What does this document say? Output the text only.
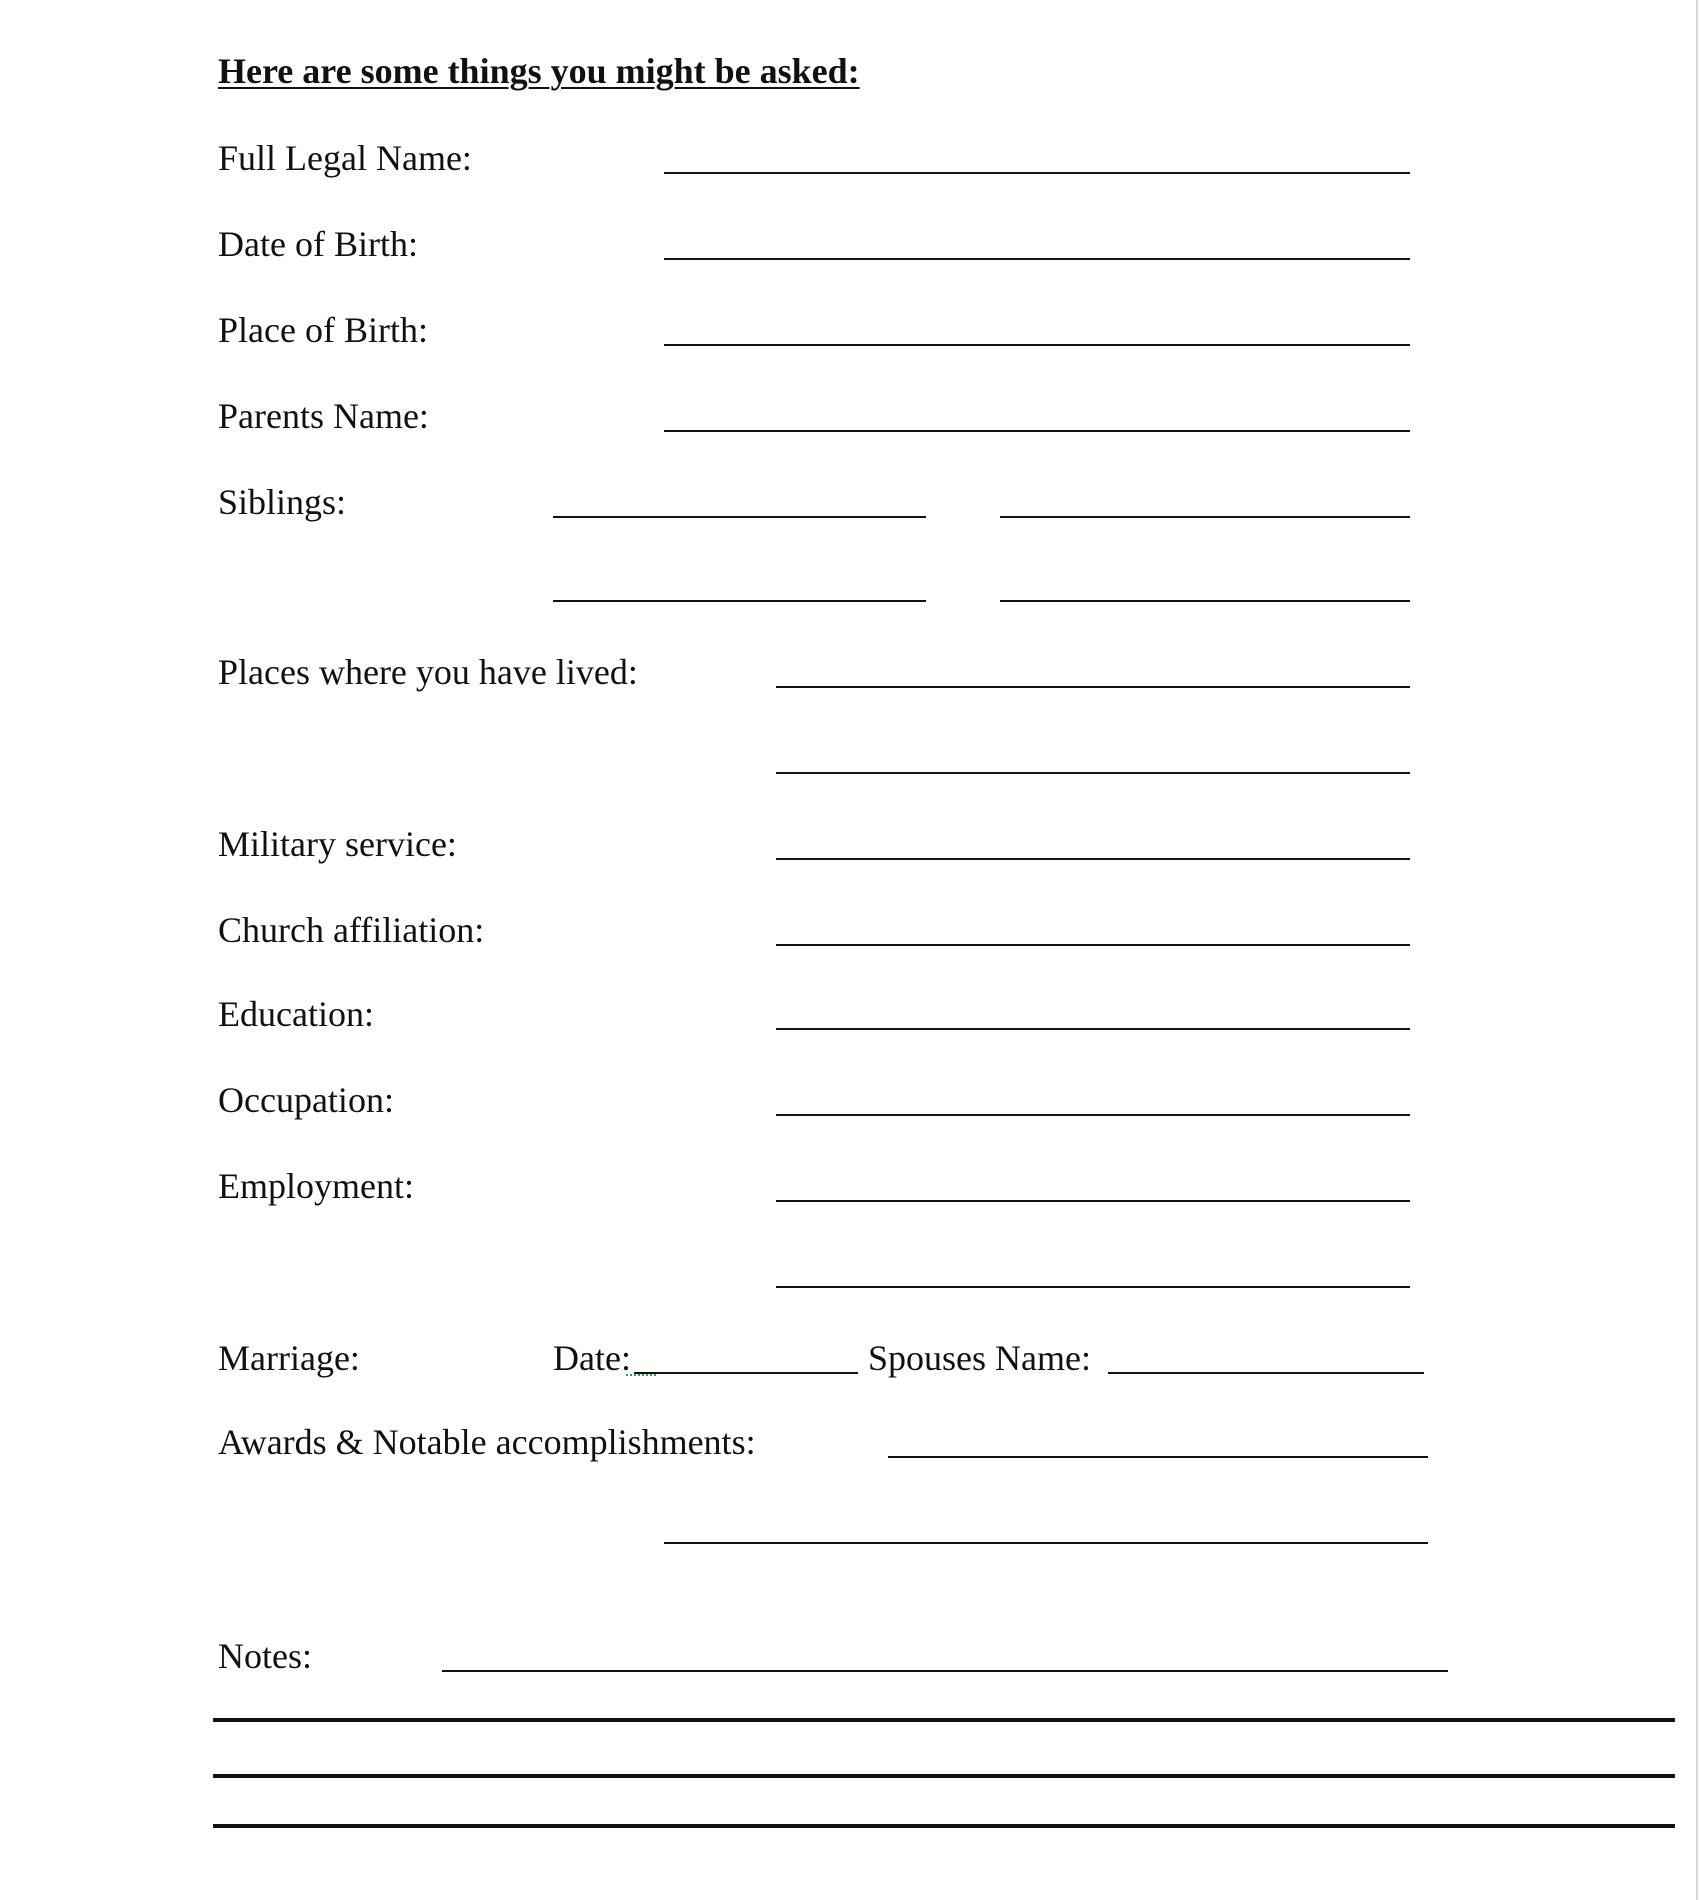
Here are some things you might be asked:
Full Legal Name:
Date of Birth:
Place of Birth:
Parents Name:
Siblings:
Places where you have lived:
Military service:
Church affiliation:
Education:
Occupation:
Employment:
Marriage:	Date:	Spouses Name:
Awards & Notable accomplishments:
Notes:
